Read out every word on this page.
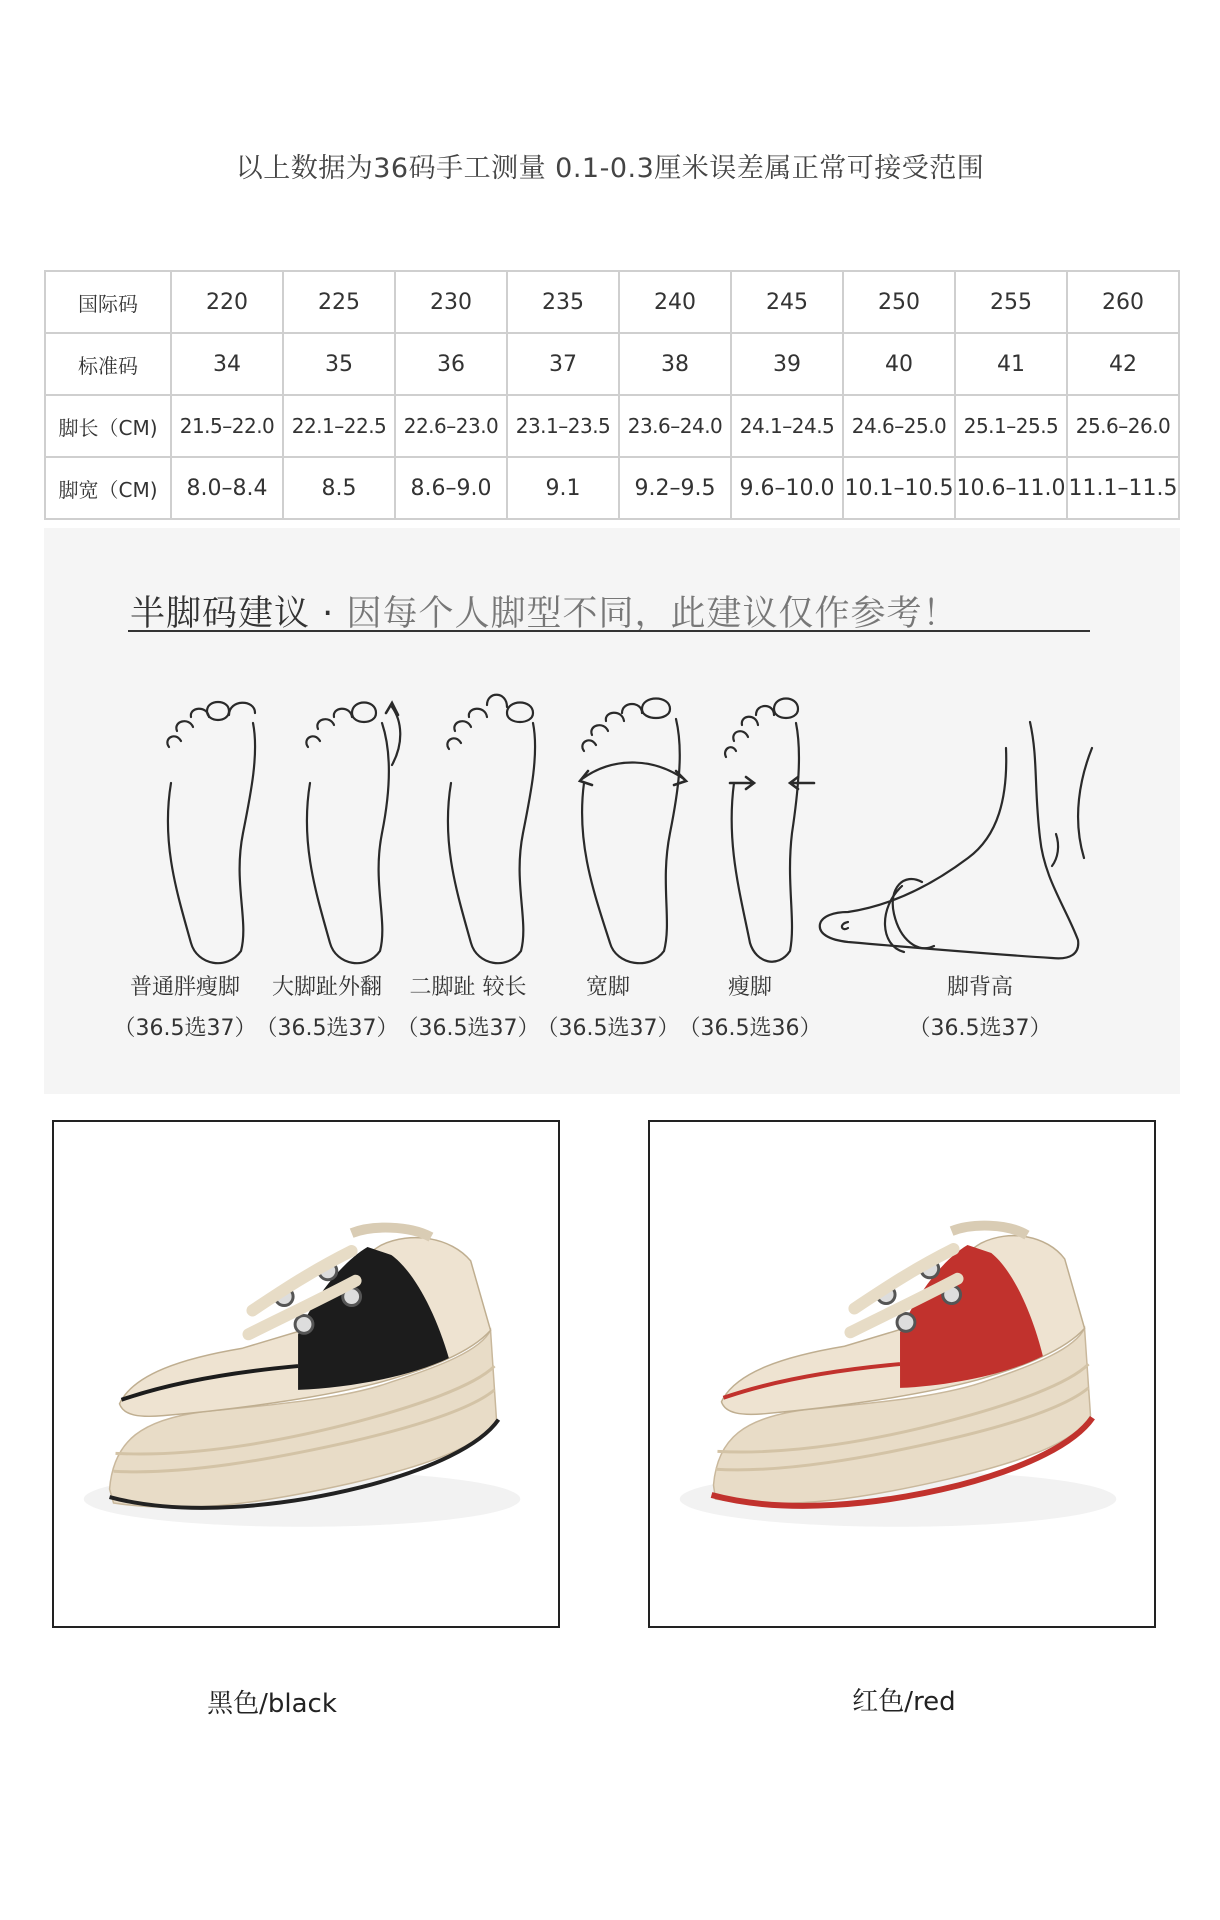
以上数据为36码手工测量 0.1-0.3厘米误差属正常可接受范围
国际码	220	225	230	235	240	245	250	255	260
标准码	34	35	36	37	38	39	40	41	42
脚长（CM)	21.5–22.0	22.1–22.5	22.6–23.0	23.1–23.5	23.6–24.0	24.1–24.5	24.6–25.0	25.1–25.5	25.6–26.0
脚宽（CM)	8.0–8.4	8.5	8.6–9.0	9.1	9.2–9.5	9.6–10.0	10.1–10.5	10.6–11.0	11.1–11.5
半脚码建议 · 因每个人脚型不同，此建议仅作参考！
普通胖瘦脚
（36.5选37）
大脚趾外翻
（36.5选37）
二脚趾 较长
（36.5选37）
宽脚
（36.5选37）
瘦脚
（36.5选36）
脚背高
（36.5选37）
黑色/black	红色/red
